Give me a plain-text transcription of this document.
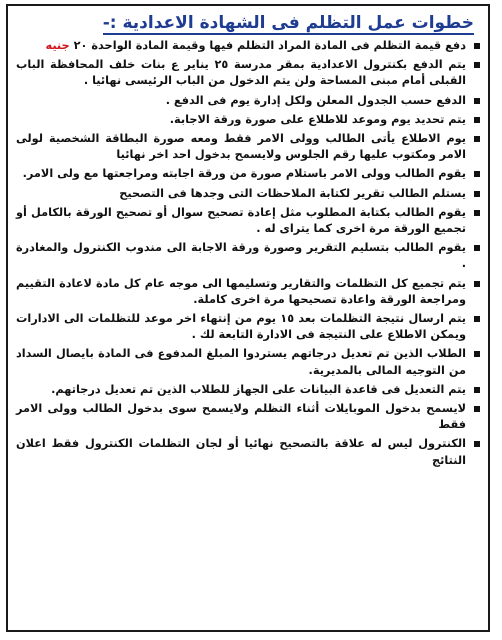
خطوات عمل التظلم فى الشهادة الاعدادية :-
دفع قيمة التظلم فى المادة المراد التظلم فيها وقيمة المادة الواحدة ٢٠ جنيه
يتم الدفع بكنترول الاعدادية بمقر مدرسة ٢٥ يناير ع بنات خلف المحافظة الباب القبلى أمام مبنى المساحة ولن يتم الدخول من الباب الرئيسى نهائيا .
الدفع حسب الجدول المعلن ولكل إدارة يوم فى الدفع .
يتم تحديد يوم وموعد للاطلاع على صورة ورقة الاجابة.
يوم الاطلاع يأتى الطالب وولى الامر فقط ومعه صورة البطاقة الشخصية لولى الامر ومكتوب عليها رقم الجلوس ولايسمح بدخول احد اخر نهائيا
يقوم الطالب وولى الامر باستلام صورة من ورقة اجابته ومراجعتها مع ولى الامر.
يستلم الطالب تقرير لكتابة الملاحظات التى وجدها فى التصحيح
يقوم الطالب بكتابة المطلوب مثل إعادة تصحيح سوال أو تصحيح الورقة بالكامل أو تجميع الورقة مرة اخرى كما يتراى له .
يقوم الطالب بتسليم التقرير وصورة ورقة الاجابة الى مندوب الكنترول والمغادرة .
يتم تجميع كل التظلمات والتقارير وتسليمها الى موجه عام كل مادة لاعادة التقييم ومراجعة الورقة واعادة تصحيحها مرة اخرى كاملة.
يتم ارسال نتيجة التظلمات بعد ١٥ يوم من إنتهاء اخر موعد للتظلمات الى الادارات ويمكن الاطلاع على النتيجة فى الادارة التابعة لك .
الطلاب الذين تم تعديل درجاتهم يستردوا المبلغ المدفوع فى المادة بايصال السداد من التوجيه المالى بالمديرية.
يتم التعديل فى قاعدة البيانات على الجهاز للطلاب الذين تم تعديل درجاتهم.
لايسمح بدخول الموبايلات أثناء التظلم ولايسمح سوى بدخول الطالب وولى الامر فقط
الكنترول ليس له علاقة بالتصحيح نهائيا أو لجان التظلمات الكنترول فقط اعلان النتائج
